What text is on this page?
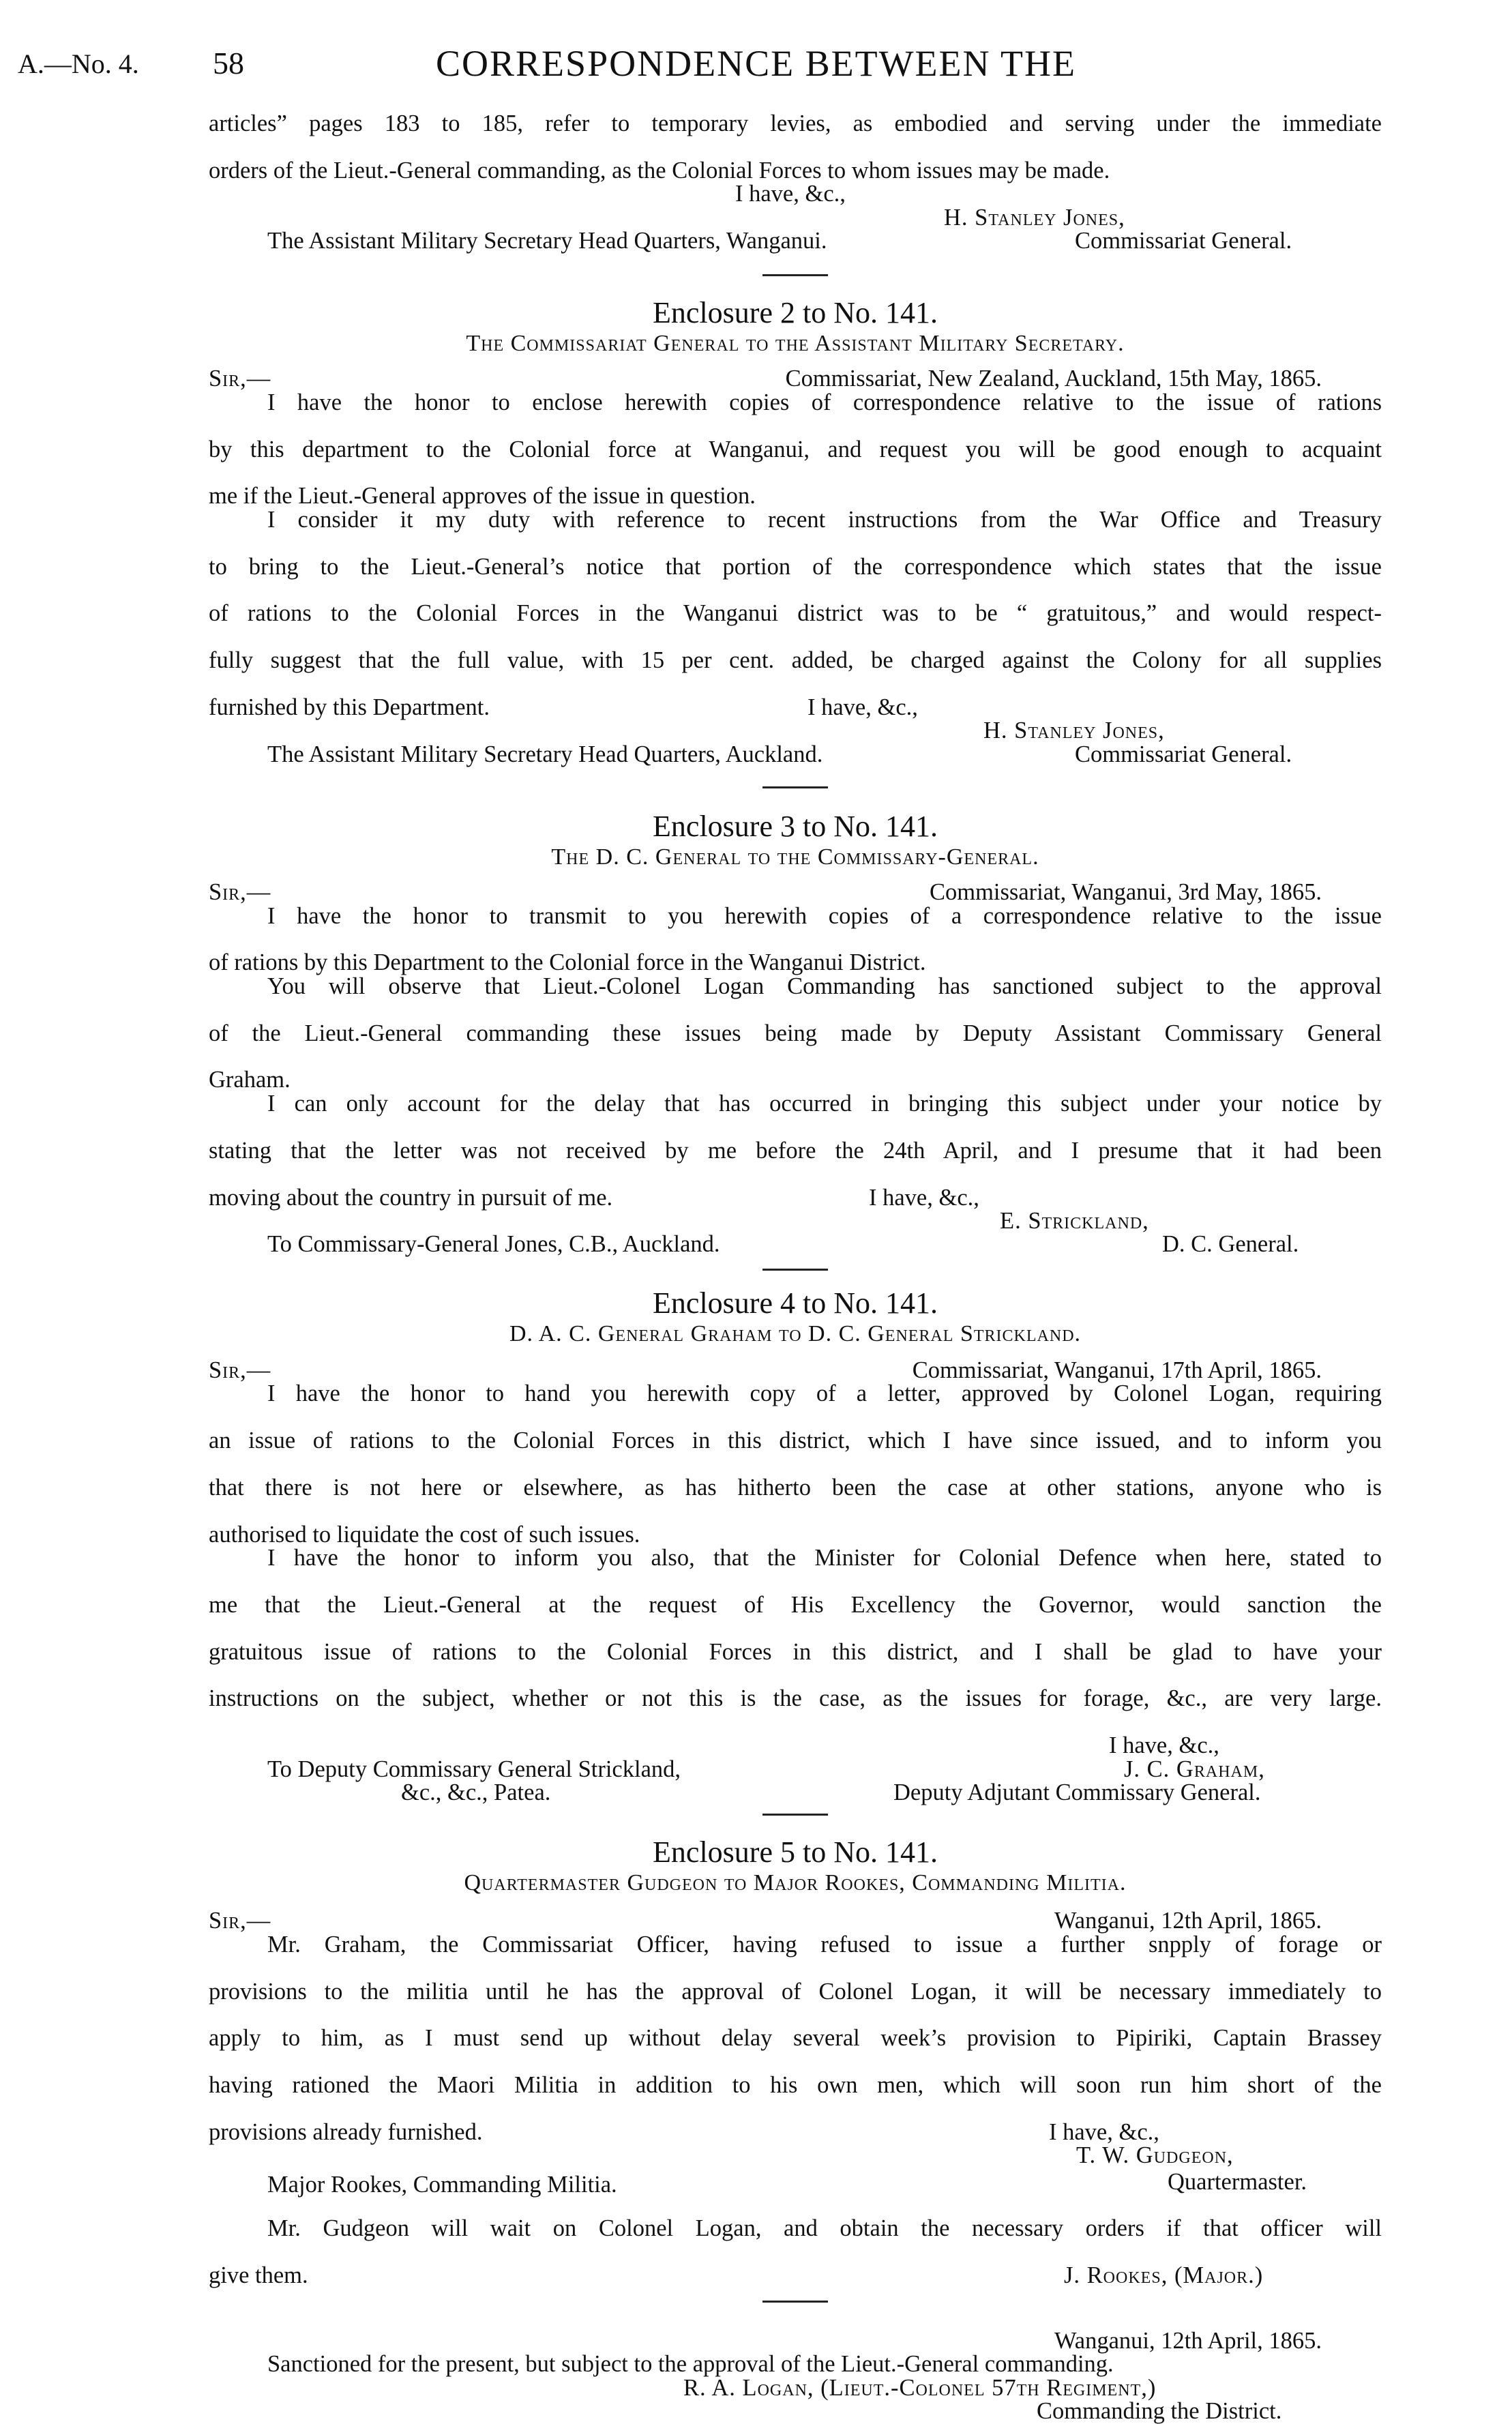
A.—No. 4. 58	CORRESPONDENCE BETWEEN THE

articles” pages 183 to 185, refer to temporary levies, as embodied and serving under the immediate

orders of the Lieut.-General commanding, as the Colonial Forces to whom issues may be made.

I have, &c.,
H. Stanley Jones,
The Assistant Military Secretary Head Quarters, Wanganui.	Commissariat General.
Enclosure 2 to No. 141.
The Commissariat General to the Assistant Military Secretary.
Sir,—	Commissariat, New Zealand, Auckland, 15th May, 1865.

I have the honor to enclose herewith copies of correspondence relative to the issue of rations

by this department to the Colonial force at Wanganui, and request you will be good enough to acquaint

me if the Lieut.-General approves of the issue in question.

I consider it my duty with reference to recent instructions from the War Office and Treasury

to bring to the Lieut.-General’s notice that portion of the correspondence which states that the issue

of rations to the Colonial Forces in the Wanganui district was to be “ gratuitous,” and would respect-

fully suggest that the full value, with 15 per cent. added, be charged against the Colony for all supplies

furnished by this Department.	I have, &c.,
H. Stanley Jones,
The Assistant Military Secretary Head Quarters, Auckland.	Commissariat General.
Enclosure 3 to No. 141.
The D. C. General to the Commissary-General.
Sir,—	Commissariat, Wanganui, 3rd May, 1865.

I have the honor to transmit to you herewith copies of a correspondence relative to the issue

of rations by this Department to the Colonial force in the Wanganui District.

You will observe that Lieut.-Colonel Logan Commanding has sanctioned subject to the approval

of the Lieut.-General commanding these issues being made by Deputy Assistant Commissary General

Graham.

I can only account for the delay that has occurred in bringing this subject under your notice by

stating that the letter was not received by me before the 24th April, and I presume that it had been

moving about the country in pursuit of me.	I have, &c.,
E. Strickland,
To Commissary-General Jones, C.B., Auckland.	D. C. General.
Enclosure 4 to No. 141.
D. A. C. General Graham to D. C. General Strickland.
Sir,—	Commissariat, Wanganui, 17th April, 1865.

I have the honor to hand you herewith copy of a letter, approved by Colonel Logan, requiring

an issue of rations to the Colonial Forces in this district, which I have since issued, and to inform you

that there is not here or elsewhere, as has hitherto been the case at other stations, anyone who is

authorised to liquidate the cost of such issues.

I have the honor to inform you also, that the Minister for Colonial Defence when here, stated to

me that the Lieut.-General at the request of His Excellency the Governor, would sanction the

gratuitous issue of rations to the Colonial Forces in this district, and I shall be glad to have your

instructions on the subject, whether or not this is the case, as the issues for forage, &c., are very large.

I have, &c.,
To Deputy Commissary General Strickland,	J. C. Graham,
&c., &c., Patea.	Deputy Adjutant Commissary General.
Enclosure 5 to No. 141.
Quartermaster Gudgeon to Major Rookes, Commanding Militia.
Sir,—	Wanganui, 12th April, 1865.

Mr. Graham, the Commissariat Officer, having refused to issue a further snpply of forage or

provisions to the militia until he has the approval of Colonel Logan, it will be necessary immediately to

apply to him, as I must send up without delay several week’s provision to Pipiriki, Captain Brassey

having rationed the Maori Militia in addition to his own men, which will soon run him short of the

provisions already furnished.	I have, &c.,
T. W. Gudgeon,
Major Rookes, Commanding Militia.	Quartermaster.

Mr. Gudgeon will wait on Colonel Logan, and obtain the necessary orders if that officer will

give them.	J. Rookes, (Major.)
Wanganui, 12th April, 1865.
Sanctioned for the present, but subject to the approval of the Lieut.-General commanding.
R. A. Logan, (Lieut.-Colonel 57th Regiment,)
Commanding the District.
